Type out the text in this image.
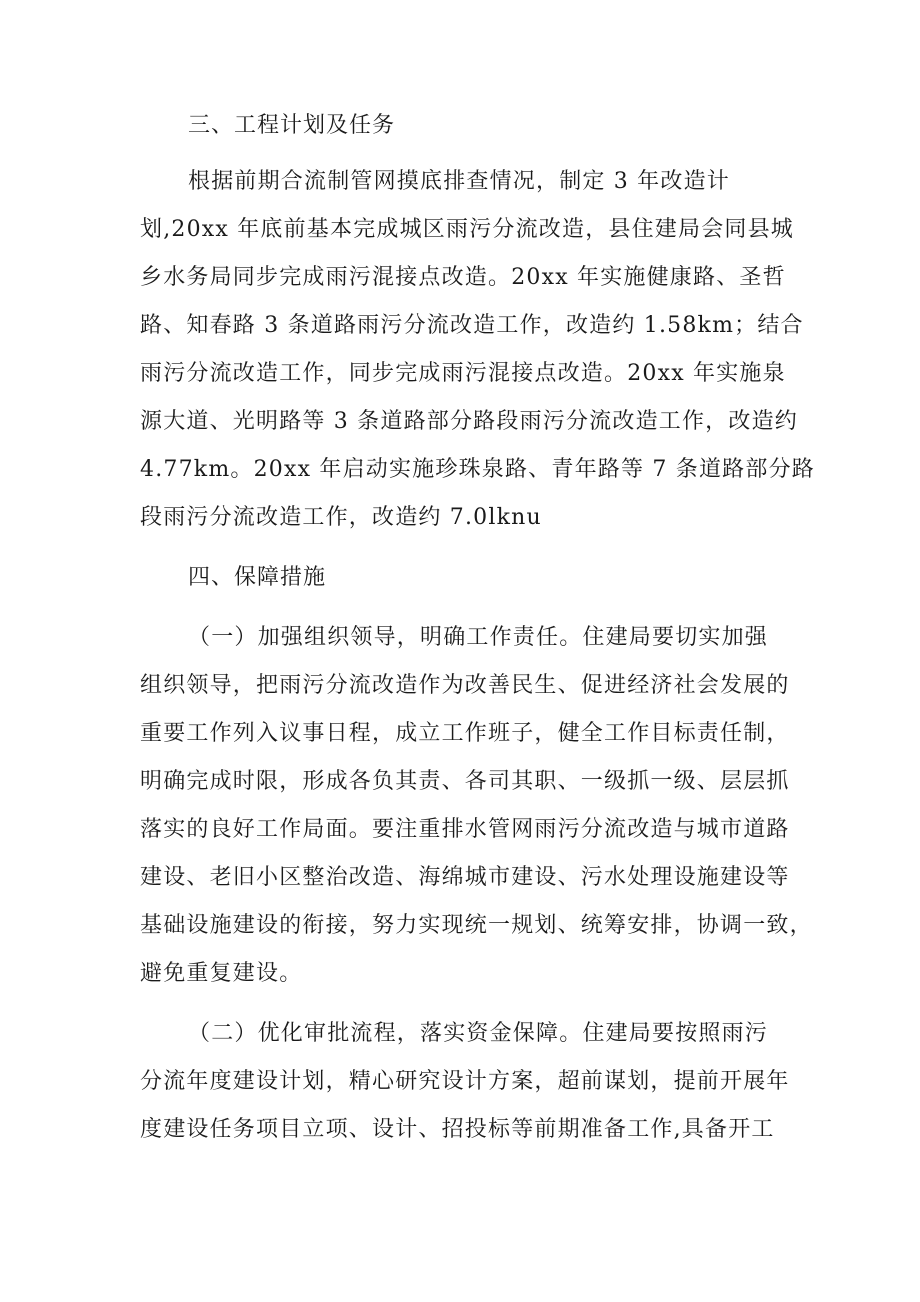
三、工程计划及任务
根据前期合流制管网摸底排查情况，制定 3 年改造计
划,20xx 年底前基本完成城区雨污分流改造，县住建局会同县城
乡水务局同步完成雨污混接点改造。20xx 年实施健康路、圣哲
路、知春路 3 条道路雨污分流改造工作，改造约 1.58km；结合
雨污分流改造工作，同步完成雨污混接点改造。20xx 年实施泉
源大道、光明路等 3 条道路部分路段雨污分流改造工作，改造约
4.77km。20xx 年启动实施珍珠泉路、青年路等 7 条道路部分路
段雨污分流改造工作，改造约 7.0lknu
四、保障措施
（一）加强组织领导，明确工作责任。住建局要切实加强
组织领导，把雨污分流改造作为改善民生、促进经济社会发展的
重要工作列入议事日程，成立工作班子，健全工作目标责任制，
明确完成时限，形成各负其责、各司其职、一级抓一级、层层抓
落实的良好工作局面。要注重排水管网雨污分流改造与城市道路
建设、老旧小区整治改造、海绵城市建设、污水处理设施建设等
基础设施建设的衔接，努力实现统一规划、统筹安排，协调一致，
避免重复建设。
（二）优化审批流程，落实资金保障。住建局要按照雨污
分流年度建设计划，精心研究设计方案，超前谋划，提前开展年
度建设任务项目立项、设计、招投标等前期准备工作,具备开工
